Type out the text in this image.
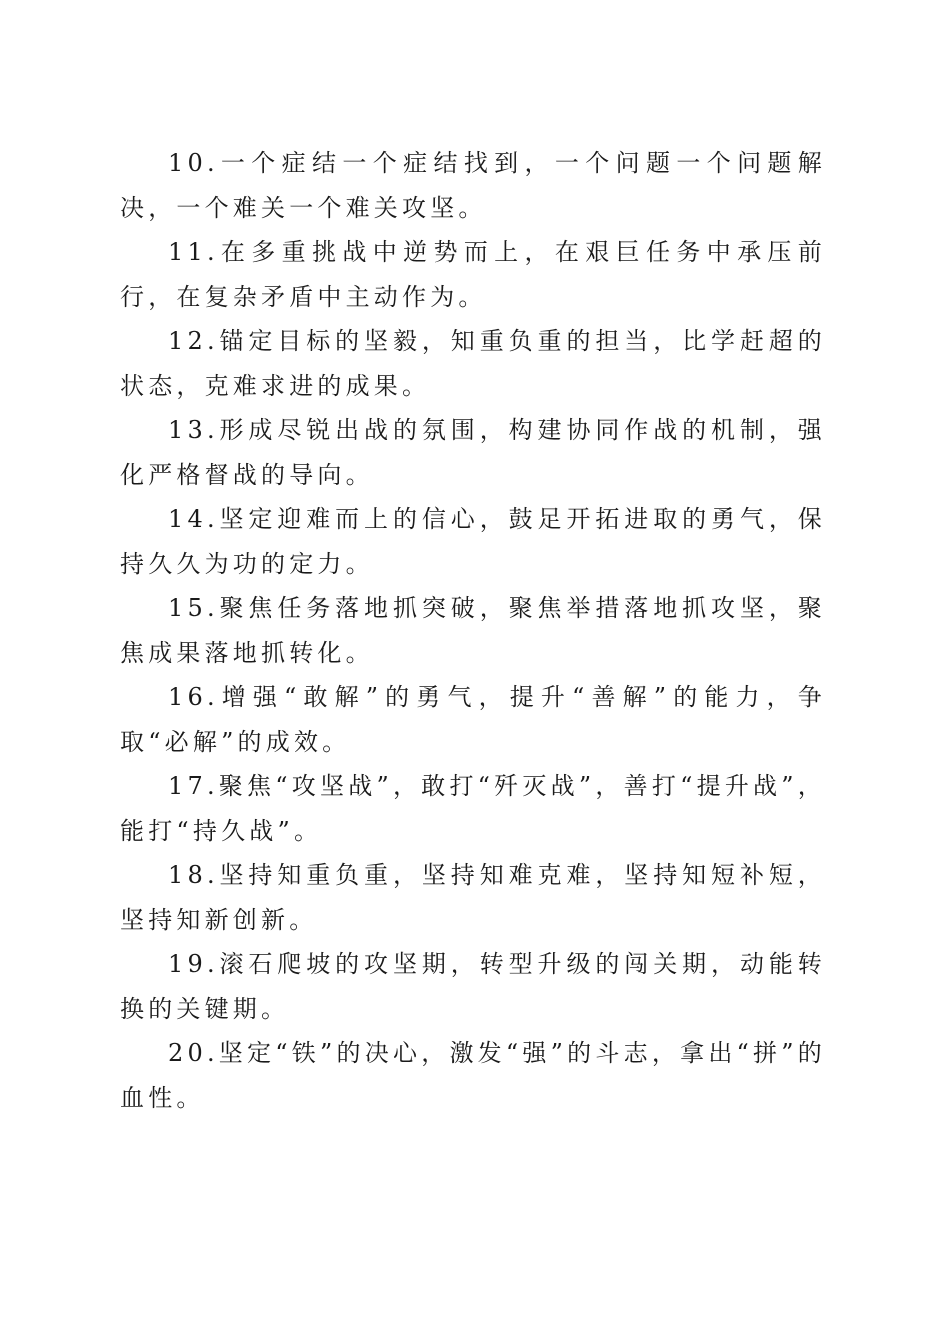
10.一个症结一个症结找到，一个问题一个问题解决，一个难关一个难关攻坚。

11.在多重挑战中逆势而上，在艰巨任务中承压前行，在复杂矛盾中主动作为。

12.锚定目标的坚毅，知重负重的担当，比学赶超的状态，克难求进的成果。

13.形成尽锐出战的氛围，构建协同作战的机制，强化严格督战的导向。

14.坚定迎难而上的信心，鼓足开拓进取的勇气，保持久久为功的定力。

15.聚焦任务落地抓突破，聚焦举措落地抓攻坚，聚焦成果落地抓转化。

16.增强“敢解”的勇气，提升“善解”的能力，争取“必解”的成效。

17.聚焦“攻坚战”，敢打“歼灭战”，善打“提升战”，能打“持久战”。

18.坚持知重负重，坚持知难克难，坚持知短补短，坚持知新创新。

19.滚石爬坡的攻坚期，转型升级的闯关期，动能转换的关键期。

20.坚定“铁”的决心，激发“强”的斗志，拿出“拼”的血性。
